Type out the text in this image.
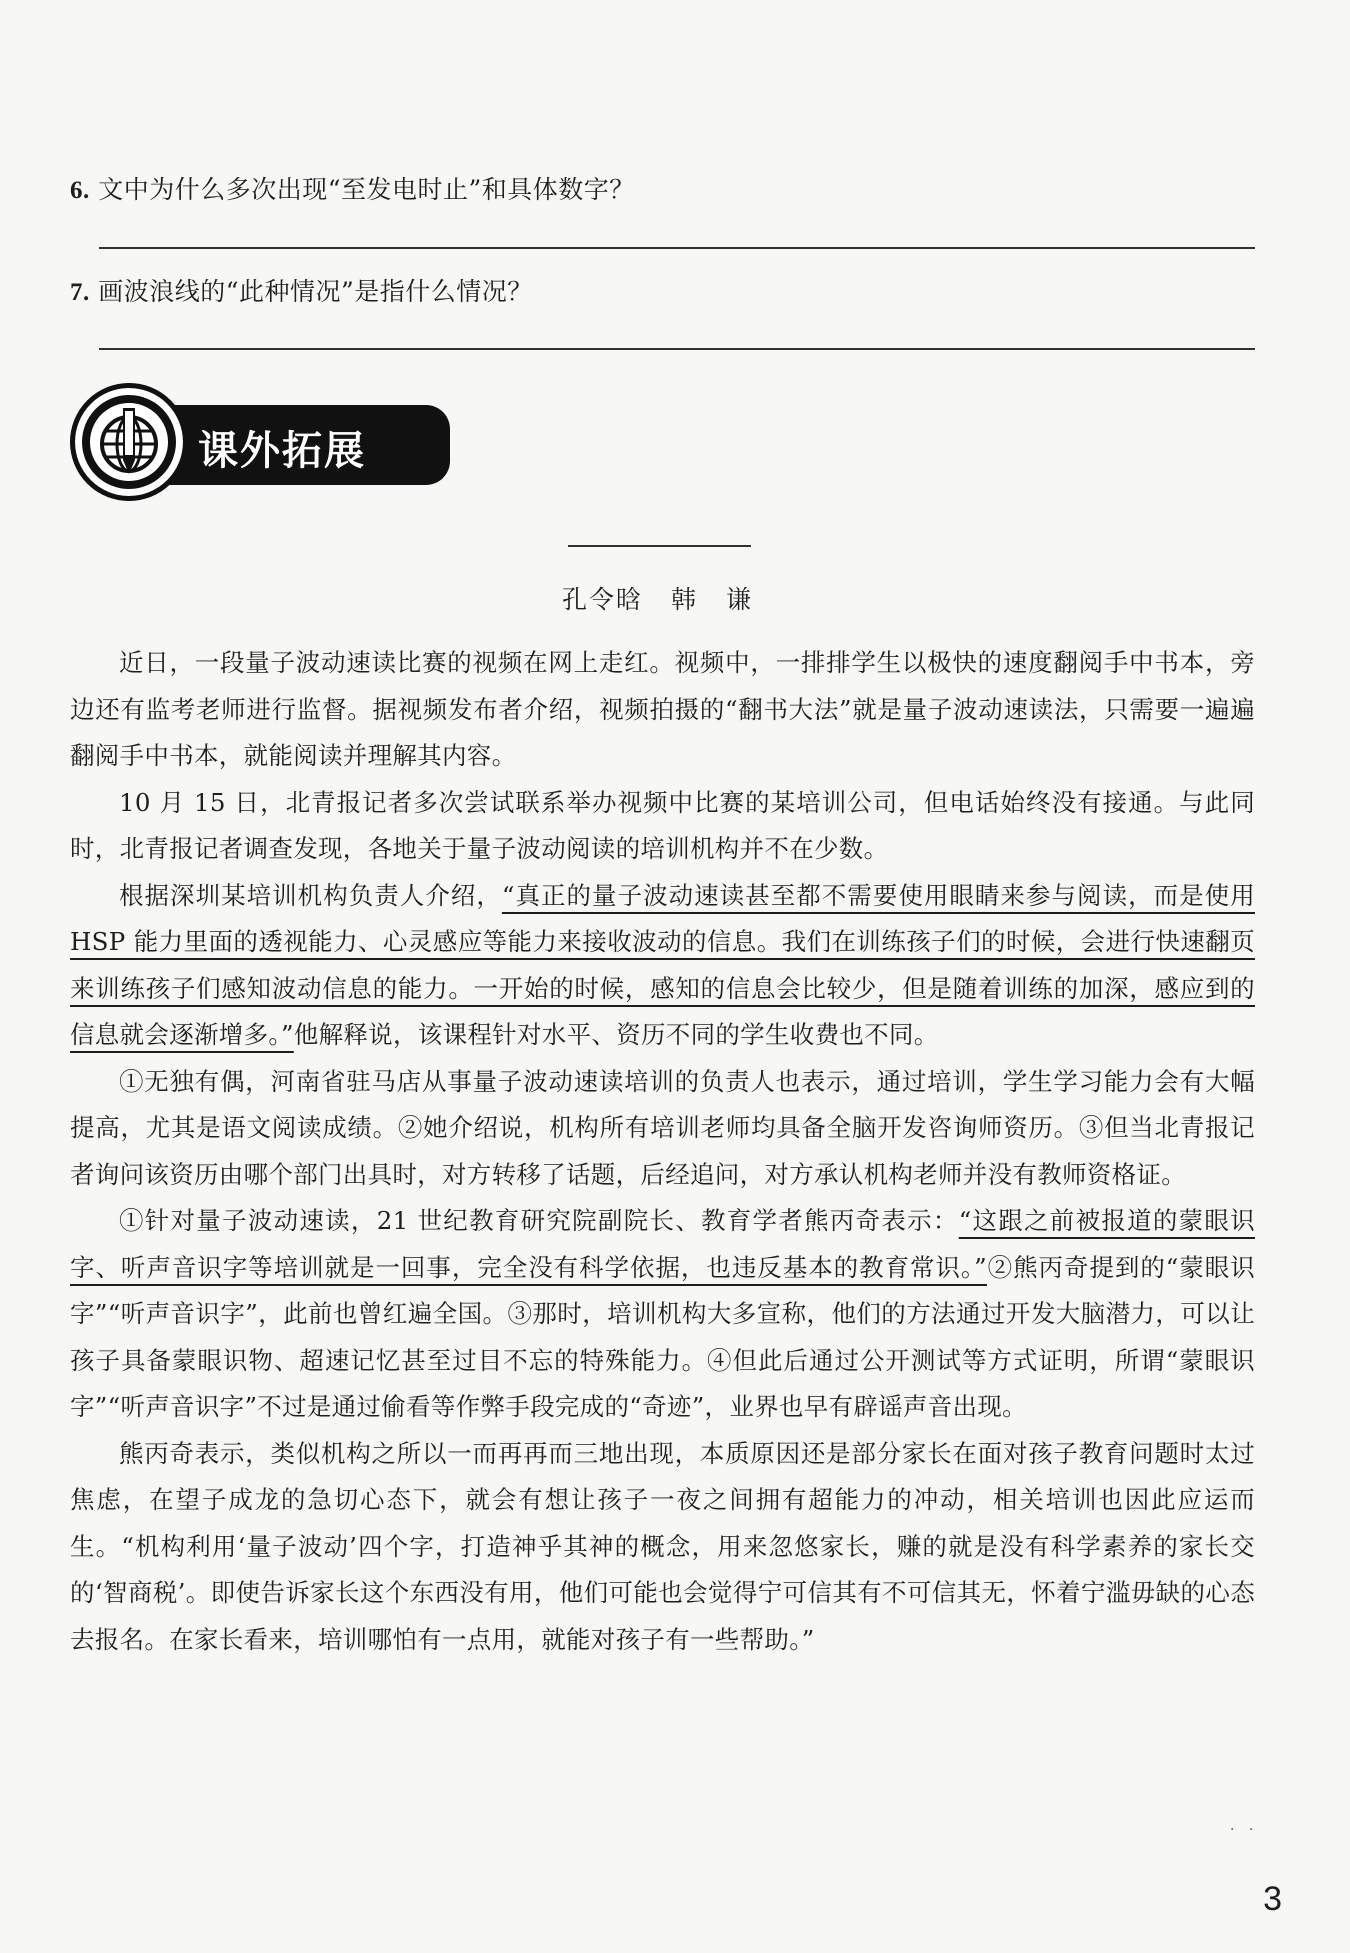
6. 文中为什么多次出现“至发电时止”和具体数字？
7. 画波浪线的“此种情况”是指什么情况？
课外拓展
孔令晗 韩 谦

近日，一段量子波动速读比赛的视频在网上走红。视频中，一排排学生以极快的速度翻阅手中书本，旁边还有监考老师进行监督。据视频发布者介绍，视频拍摄的“翻书大法”就是量子波动速读法，只需要一遍遍翻阅手中书本，就能阅读并理解其内容。

10 月 15 日，北青报记者多次尝试联系举办视频中比赛的某培训公司，但电话始终没有接通。与此同时，北青报记者调查发现，各地关于量子波动阅读的培训机构并不在少数。

根据深圳某培训机构负责人介绍，“真正的量子波动速读甚至都不需要使用眼睛来参与阅读，而是使用 HSP 能力里面的透视能力、心灵感应等能力来接收波动的信息。我们在训练孩子们的时候，会进行快速翻页来训练孩子们感知波动信息的能力。一开始的时候，感知的信息会比较少，但是随着训练的加深，感应到的信息就会逐渐增多。”他解释说，该课程针对水平、资历不同的学生收费也不同。

①无独有偶，河南省驻马店从事量子波动速读培训的负责人也表示，通过培训，学生学习能力会有大幅提高，尤其是语文阅读成绩。②她介绍说，机构所有培训老师均具备全脑开发咨询师资历。③但当北青报记者询问该资历由哪个部门出具时，对方转移了话题，后经追问，对方承认机构老师并没有教师资格证。

①针对量子波动速读，21 世纪教育研究院副院长、教育学者熊丙奇表示：“这跟之前被报道的蒙眼识字、听声音识字等培训就是一回事，完全没有科学依据，也违反基本的教育常识。”②熊丙奇提到的“蒙眼识字”“听声音识字”，此前也曾红遍全国。③那时，培训机构大多宣称，他们的方法通过开发大脑潜力，可以让孩子具备蒙眼识物、超速记忆甚至过目不忘的特殊能力。④但此后通过公开测试等方式证明，所谓“蒙眼识字”“听声音识字”不过是通过偷看等作弊手段完成的“奇迹”，业界也早有辟谣声音出现。

熊丙奇表示，类似机构之所以一而再再而三地出现，本质原因还是部分家长在面对孩子教育问题时太过焦虑，在望子成龙的急切心态下，就会有想让孩子一夜之间拥有超能力的冲动，相关培训也因此应运而生。“机构利用‘量子波动’四个字，打造神乎其神的概念，用来忽悠家长，赚的就是没有科学素养的家长交的‘智商税’。即使告诉家长这个东西没有用，他们可能也会觉得宁可信其有不可信其无，怀着宁滥毋缺的心态去报名。在家长看来，培训哪怕有一点用，就能对孩子有一些帮助。”

· ·
3
